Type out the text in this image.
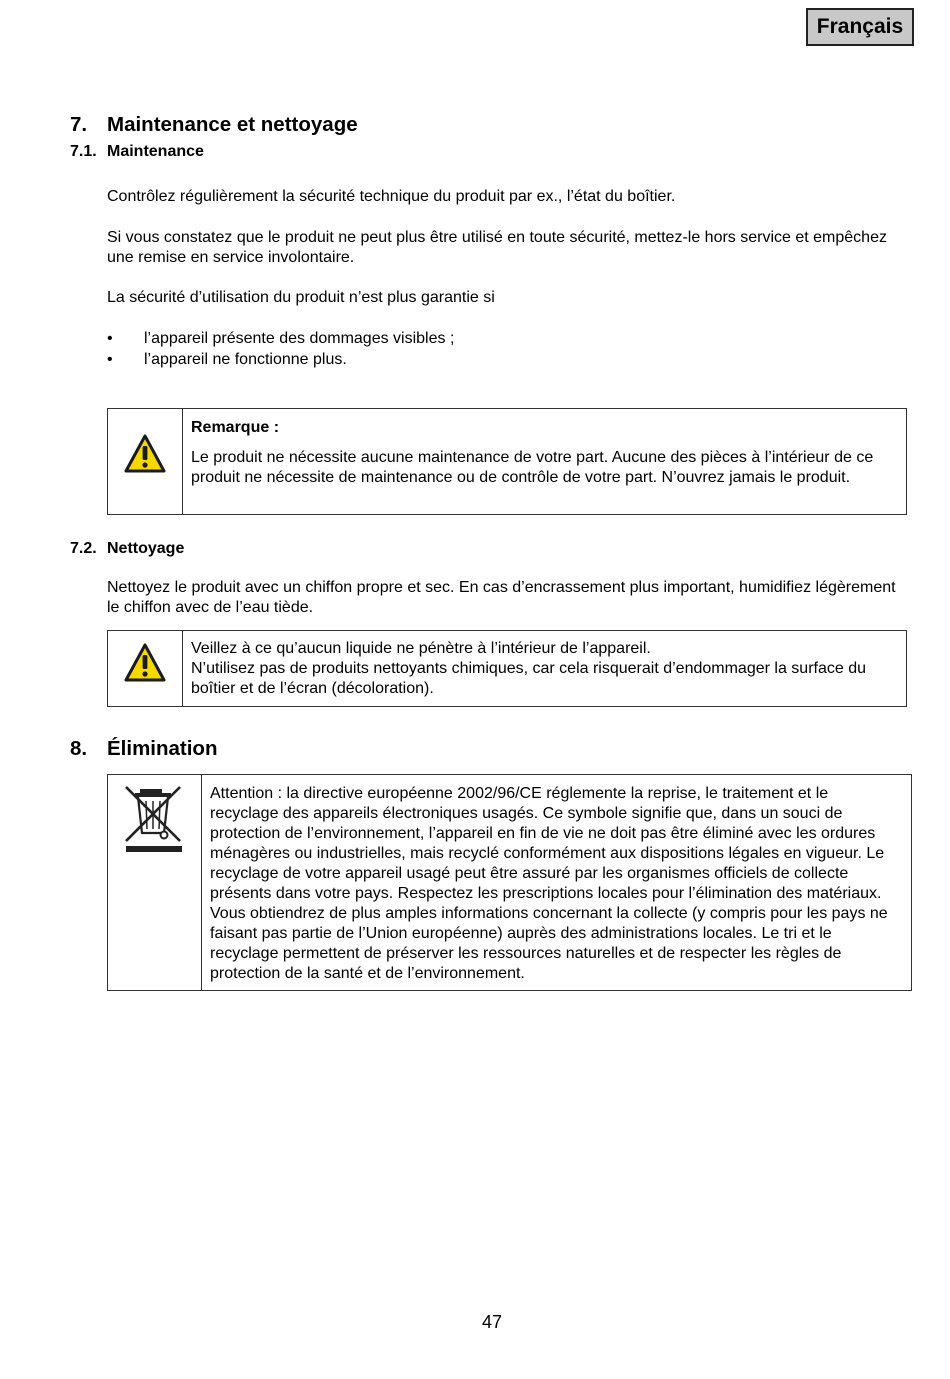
Français
7. Maintenance et nettoyage
7.1. Maintenance
Contrôlez régulièrement la sécurité technique du produit par ex., l’état du boîtier.
Si vous constatez que le produit ne peut plus être utilisé en toute sécurité, mettez-le hors service et empêchez une remise en service involontaire.
La sécurité d’utilisation du produit n’est plus garantie si
• l’appareil présente des dommages visibles ;
• l’appareil ne fonctionne plus.
Remarque :
Le produit ne nécessite aucune maintenance de votre part. Aucune des pièces à l’intérieur de ce produit ne nécessite de maintenance ou de contrôle de votre part. N’ouvrez jamais le produit.
7.2. Nettoyage
Nettoyez le produit avec un chiffon propre et sec. En cas d’encrassement plus important, humidifiez légèrement le chiffon avec de l’eau tiède.
Veillez à ce qu’aucun liquide ne pénètre à l’intérieur de l’appareil.
N’utilisez pas de produits nettoyants chimiques, car cela risquerait d’endommager la surface du boîtier et de l’écran (décoloration).
8. Élimination
Attention : la directive européenne 2002/96/CE réglemente la reprise, le traitement et le recyclage des appareils électroniques usagés. Ce symbole signifie que, dans un souci de protection de l’environnement, l’appareil en fin de vie ne doit pas être éliminé avec les ordures ménagères ou industrielles, mais recyclé conformément aux dispositions légales en vigueur. Le recyclage de votre appareil usagé peut être assuré par les organismes officiels de collecte présents dans votre pays. Respectez les prescriptions locales pour l’élimination des matériaux. Vous obtiendrez de plus amples informations concernant la collecte (y compris pour les pays ne faisant pas partie de l’Union européenne) auprès des administrations locales. Le tri et le recyclage permettent de préserver les ressources naturelles et de respecter les règles de protection de la santé et de l’environnement.
47
